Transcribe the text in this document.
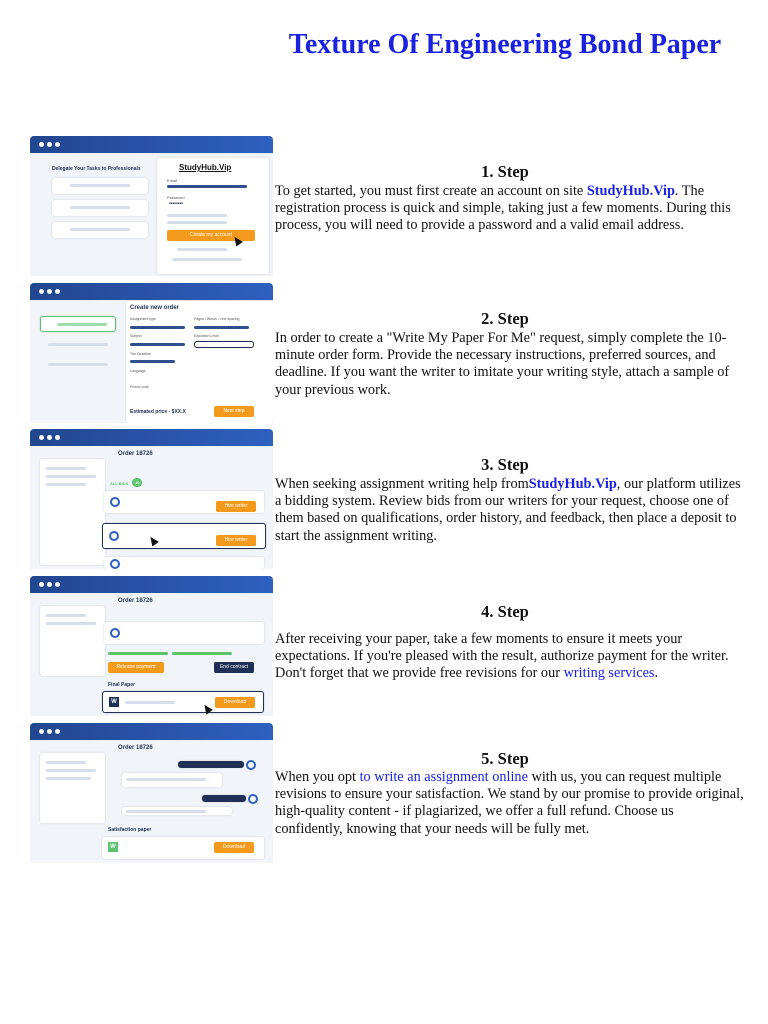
Texture Of Engineering Bond Paper
Delegate Your Tasks to Professionals	StudyHub.Vip
Email
Password
••••••••
Create my account
1. Step
To get started, you must first create an account on site StudyHub.Vip. The registration process is quick and simple, taking just a few moments. During this process, you will need to provide a password and a valid email address.
Create new order
Assignment type	Pages / Words / Line spacing
Subject	Education Level
The Deadline
Language
Promo code
Estimated price - $XX.X	Next step
2. Step
In order to create a "Write My Paper For Me" request, simply complete the 10-minute order form. Provide the necessary instructions, preferred sources, and deadline. If you want the writer to imitate your writing style, attach a sample of your previous work.
Order 18726
ALL BIDS	10
Hire writer
Hire writer
3. Step
When seeking assignment writing help fromStudyHub.Vip, our platform utilizes a bidding system. Review bids from our writers for your request, choose one of them based on qualifications, order history, and feedback, then place a deposit to start the assignment writing.
Order 18726
Release payment	End contract
Final Paper
W	Download
4. Step
After receiving your paper, take a few moments to ensure it meets your expectations. If you're pleased with the result, authorize payment for the writer. Don't forget that we provide free revisions for our writing services.
Order 18726
Satisfaction paper
W	Download
5. Step
When you opt to write an assignment online with us, you can request multiple revisions to ensure your satisfaction. We stand by our promise to provide original, high-quality content - if plagiarized, we offer a full refund. Choose us confidently, knowing that your needs will be fully met.
